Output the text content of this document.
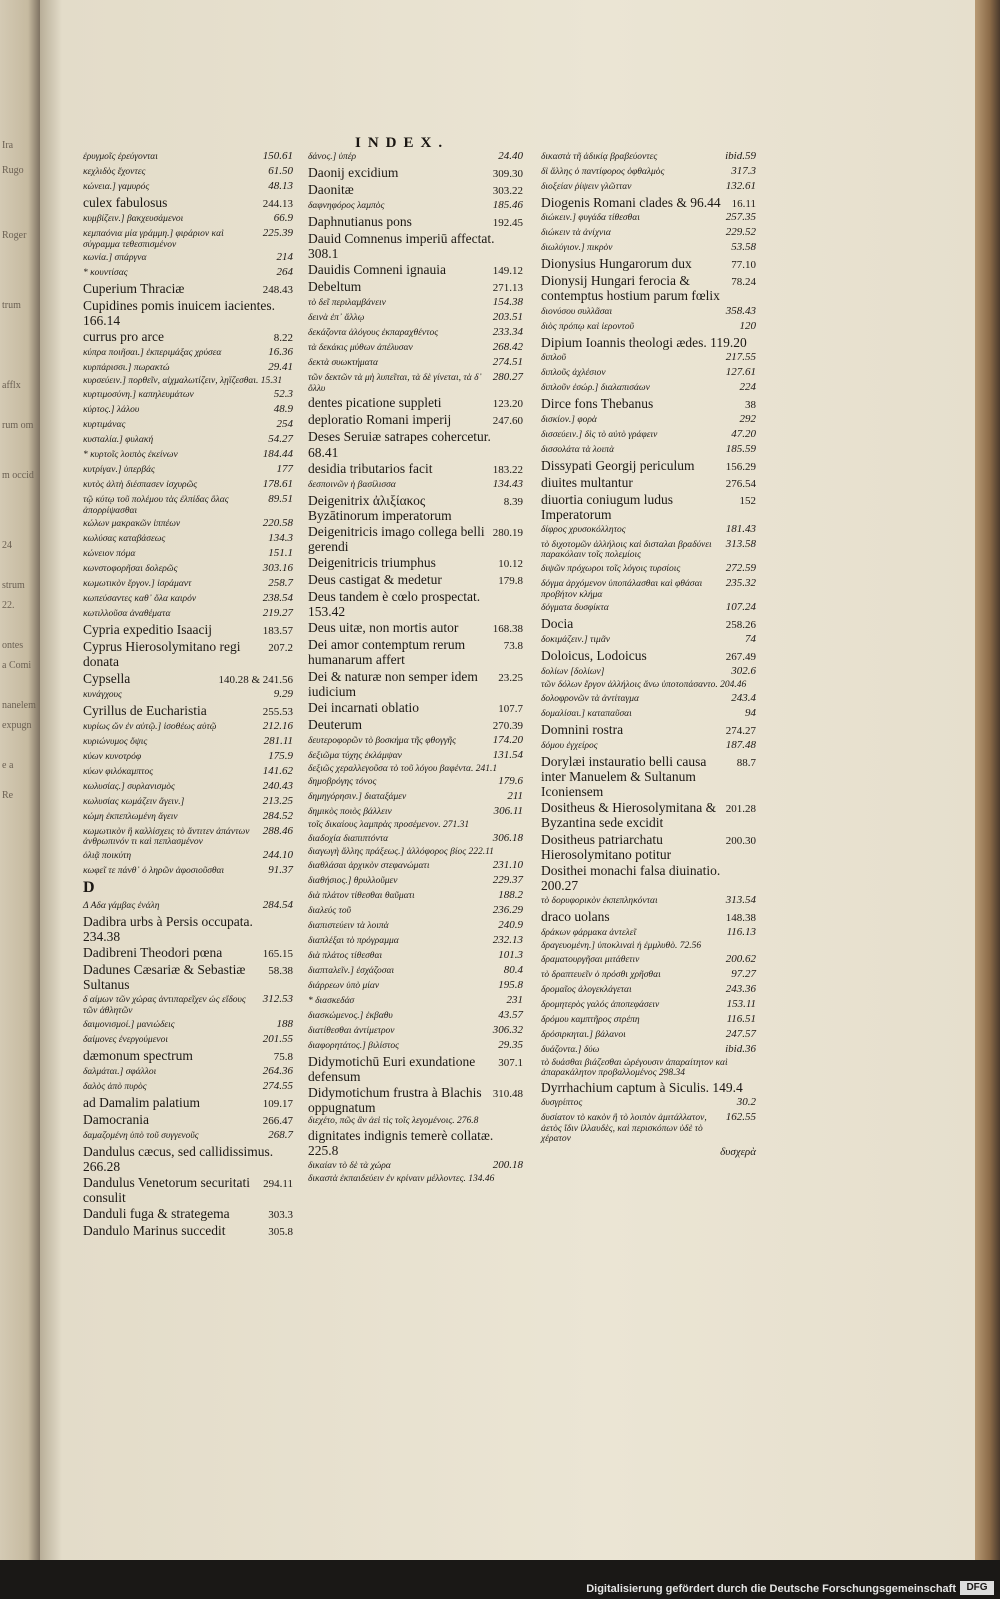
Ira
Rugo
Roger
trum
afflx
rum om
m occid
24
strum
22.
ontes
a Comi
nanelem
expugn
e a
Re
INDEX.
ἐρυγμοῖς ἐρεύγονται	150.61
κεχλιδὸς ἔχοντες	61.50
κώνεια.] γαμυρός	48.13
culex fabulosus	244.13
κυμβίζειν.] βακχευσάμενοι	66.9
κεμπαόνια μία γράμμη.] φιράριον καὶ σύγραμμα τεθεσπισμένον
225.39
κωνία.] σπάργνα	214
* κουντίσας	264
Cuperium Thraciæ	248.43
Cupidines pomis inuicem iacientes. 166.14
currus pro arce	8.22
κύπρα ποιῆσαι.] ἐκπεριμάξας χρύσεα	16.36
κυρπάρισσι.] πωρακτώ	29.41
κυρσεύειν.] πορθεῖν, αἰχμαλωτίζειν, λῃΐζεσθαι. 15.31
κυρτιμοσύνη.] καπηλευμάτων	52.3
κύρτος.] λάλου	48.9
κυρτιμάνας	254
κυσταλία.] φυλακή	54.27
* κυρτοῖς λοιπὸς ἐκείνων	184.44
κυτρίγαν.] ὑπερβάς	177
κυτὸς ἀλτὴ διέσπασεν ἰσχυρῶς	178.61
τῷ κύτῳ τοῦ πολέμου τὰς ἐλπίδας ὅλας ἀπορρίψασθαι
89.51
κώλων μακρακῶν ἱππέων	220.58
κωλύσας καταβάσεως	134.3
κώνειον πόμα	151.1
κωνστοφορῆσαι δολερῶς	303.16
κωμωτικὸν ἔργον.] ἰσράμαντ	258.7
κωπεύσαντες καθ᾽ ὅλα καιρόν	238.54
κωτιλλοῦσα ἀναθέματα	219.27
Cypria expeditio Isaacij	183.57
Cyprus Hierosolymitano regi donata
207.2
Cypsella	140.28 & 241.56
κυνάγχους	9.29
Cyrillus de Eucharistia	255.53
κυρίως ὤν ἐν αὐτῷ.] ἰσοθέως αὐτῷ	212.16
κυριώνυμος ὄψις	281.11
κύων κυνοτρόφ	175.9
κύων φιλόκαμπτος	141.62
κωλυσίας.] συρλανισμὸς	240.43
κωλυσίας κωμάζειν ἄγειν.]	213.25
κώμη ἐκπεπλωμένη ἄγειν	284.52
κωμωτικὸν ἢ καλλίσχεις τὸ ἄντιτεν ἀπάντων ἀνθρωπινόν τι καὶ πεπλασμένον
288.46
ὁλιᾷ ποικύτη	244.10
κωφεῖ τε πάνθ᾽ ὁ ληρῶν ἀφοσιοῦσθαι	91.37
D
Δ Αδα γάμβας ἐνάλη	284.54
Dadibra urbs à Persis occupata. 234.38
Dadibreni Theodori pœna	165.15
Dadunes Cæsariæ & Sebastiæ Sultanus
58.38
δ αίμων τῶν χώρας ἀντιπαρεῖχεν ὡς εἴδους τῶν ἀθλητῶν
312.53
δαιμονισμοί.] μανιώδεις	188
δαίμονες ἐνεργούμενοι	201.55
dæmonum spectrum	75.8
δαλμάται.] σφάλλοι	264.36
δαλὸς ἀπὸ πυρὸς	274.55
ad Damalim palatium	109.17
Damocrania	266.47
δαμαζομένη ὑπὸ τοῦ συγγενοῦς	268.7
Dandulus cæcus, sed callidissimus. 266.28
Dandulus Venetorum securitati consulit
294.11
Danduli fuga & strategema	303.3
Dandulo Marinus succedit	305.8
δάνος.] ὑπέρ	24.40
Daonij excidium	309.30
Daonitæ	303.22
δαφνηφόρος λαμπὸς	185.46
Daphnutianus pons	192.45
Dauid Comnenus imperiū affectat. 308.1
Dauidis Comneni ignauia	149.12
Debeltum	271.13
τὸ δεῖ περιλαμβάνειν	154.38
δεινὰ ἐπ᾽ ἄλλῳ	203.51
δεκάζοντα ἀλόγους ἐκπαραχθέντος	233.34
τὰ δεκάκις μύθων ἀπέλυσαν	268.42
δεκτὰ συωκτήματα	274.51
τῶν δεκτῶν τὰ μὴ λυπεῖται, τὰ δὲ γίνεται, τὰ δ᾽ ὄλλυ
280.27
dentes picatione suppleti	123.20
deploratio Romani imperij	247.60
Deses Seruiæ satrapes cohercetur. 68.41
desidia tributarios facit	183.22
δεσποινῶν ἡ βασίλισσα	134.43
Deigenitrix ἀλιξίακος Byzātinorum imperatorum
8.39
Deigenitricis imago collega belli gerendi
280.19
Deigenitricis triumphus	10.12
Deus castigat & medetur	179.8
Deus tandem è cœlo prospectat. 153.42
Deus uitæ, non mortis autor	168.38
Dei amor contemptum rerum humanarum affert
73.8
Dei & naturæ non semper idem iudicium
23.25
Dei incarnati oblatio	107.7
Deuterum	270.39
δευτεροφορῶν τὸ βοσκήμα τῆς φθογγῆς	174.20
δεξιῶμα τύχης ἐκλάμψαν	131.54
δεξιῶς χεραλλεγοῦσα τὸ τοῦ λόγου βαφέντα. 241.1
δημοβρόγης τόνος	179.6
δημηγόρησιν.] διαταξάμεν	211
δημικὸς ποιὸς βάλλειν	306.11
τοῖς δικαίους λαμπρὰς προσέμενον. 271.31
διαδοχία διαπιπτόντα	306.18
διαγωγὴ ἄλλης πράξεως.] ἀλλόφορος βίος 222.11
διαθλάσαι ἀρχικὸν στεφανώματι	231.10
διαθήσιος.] θρυλλοῦμεν	229.37
διὰ πλάτον τίθεσθαι θαῦματι	188.2
διαλεύς τοῦ	236.29
διαπιστεύειν τὰ λοιπὰ	240.9
διαπλέξαι τὸ πρόγραμμα	232.13
διὰ πλάτος τίθεσθαι	101.3
διαπταλεῖν.] ἐσχάζοσαι	80.4
διάρρεων ὑπὸ μίαν	195.8
* διασκεδάσ	231
διασκώμενος.] ἐκβαθυ	43.57
διατίθεσθαι ἀντίμετρον	306.32
διαφορητάτος.] βιλίστος	29.35
Didymotichū Euri exundatione defensum
307.1
Didymotichum frustra à Blachis oppugnatum
310.48
διεχέτο, πῶς ἂν ἀεὶ τὶς τοῖς λεγομένοις. 276.8
dignitates indignis temerè collatæ. 225.8
δικαίαν τὸ δὲ τὰ χώρα	200.18
δικαστὰ ἐκπαιδεύειν ἐν κρίναιν μέλλοντες. 134.46
δικαστὰ τῆ ἀδικίᾳ βραβεύοντες	ibid.59
δὶ ἄλλης ὁ παντίφορος ὀφθαλμὸς	317.3
διοξείαν ῥίψειν γλῶτταν	132.61
Diogenis Romani clades & 96.44	16.11
διώκειν.] φυγάδα τίθεσθαι	257.35
διώκειν τὰ ἀνίχνια	229.52
διωλύγιον.] πικρὸν	53.58
Dionysius Hungarorum dux	77.10
Dionysij Hungari ferocia & contemptus hostium parum fœlix
78.24
διονύσου συλλᾶσαι	358.43
διὸς πρόπῳ καὶ ἱεροντοῦ	120
Dipium Ioannis theologi ædes. 119.20
διπλοῦ	217.55
διπλοῦς ἀχλέσιον	127.61
διπλοῦν ἐσώρ.] διαλαπισάων	224
Dirce fons Thebanus	38
δισκίον.] φορὰ	292
δισσεύειν.] δὶς τὸ αὐτὸ γράφειν	47.20
δισσολάτα τὰ λοιπὰ	185.59
Dissypati Georgij periculum	156.29
diuites multantur	276.54
diuortia coniugum ludus Imperatorum
152
δίφρος χρυσοκόλλητος	181.43
τὸ διχοτομῶν ἀλλήλοις καὶ δισταλαι βραδύνει παρακόλαιν τοῖς πολεμίοις
313.58
διψῶν πρόχωροι τοῖς λόγοις τυρσίοις	272.59
δόγμα ἀρχόμενον ὑποπάλασθαι καὶ φθάσαι προβήτον κλήμα
235.32
δόγματα δυσφίκτα	107.24
Docia	258.26
δοκιμάζειν.] τιμᾶν	74
Doloicus, Lodoicus	267.49
δολίων [δολίων]	302.6
τῶν δόλων ἔργον ἀλλήλοις ἄνω ὑποτοπάσαντο. 204.46
δολοφρονῶν τὰ ἀντίταγμα	243.4
δομαλίσαι.] καταπαῦσαι	94
Domnini rostra	274.27
δόμου ἐγχείρος	187.48
Dorylæi instauratio belli causa inter Manuelem & Sultanum Iconiensem
88.7
Dositheus & Hierosolymitana & Byzantina sede excidit
201.28
Dositheus patriarchatu Hierosolymitano potitur
200.30
Dosithei monachi falsa diuinatio. 200.27
τὸ δορυφορικὸν ἐκπεπληκόνται	313.54
draco uolans	148.38
δράκων φάρμακα ἀντελεῖ	116.13
δραγευομένη.] ὑποκλιναὶ ἡ ἐμμλυθὸ. 72.56
δραματουργῆσαι μιτάθετιν	200.62
τὸ δραπτευεῖν ὁ πρόσθι χρῆσθαι	97.27
δρομαῖος ἀλογεκλάγεται	243.36
δρομητερὸς γαλός ἀποπεφάσειν	153.11
δρόμου καμπτῆρος στρέπη	116.51
δρόσιρκηται.] βάλανοι	247.57
δυάζοντα.] δύω	ibid.36
τὸ δυάσθαι βιάζεσθαι ὠρέγουσιν ἀπαραίτητον καὶ ἀπαρακάλητον προβαλλομένος 298.34
Dyrrhachium captum à Siculis. 149.4
δυσγρίπτος	30.2
δυσίατον τὸ κακὸν ἢ τὸ λοιπὸν ἀμιτάλλατον, ἀετὸς ἴδιν ἰλλαυδὲς, καὶ περισκόπων ὑδὲ τὸ χέρατον
162.55
δυσχερὰ
Digitalisierung gefördert durch die Deutsche Forschungsgemeinschaft	DFG
